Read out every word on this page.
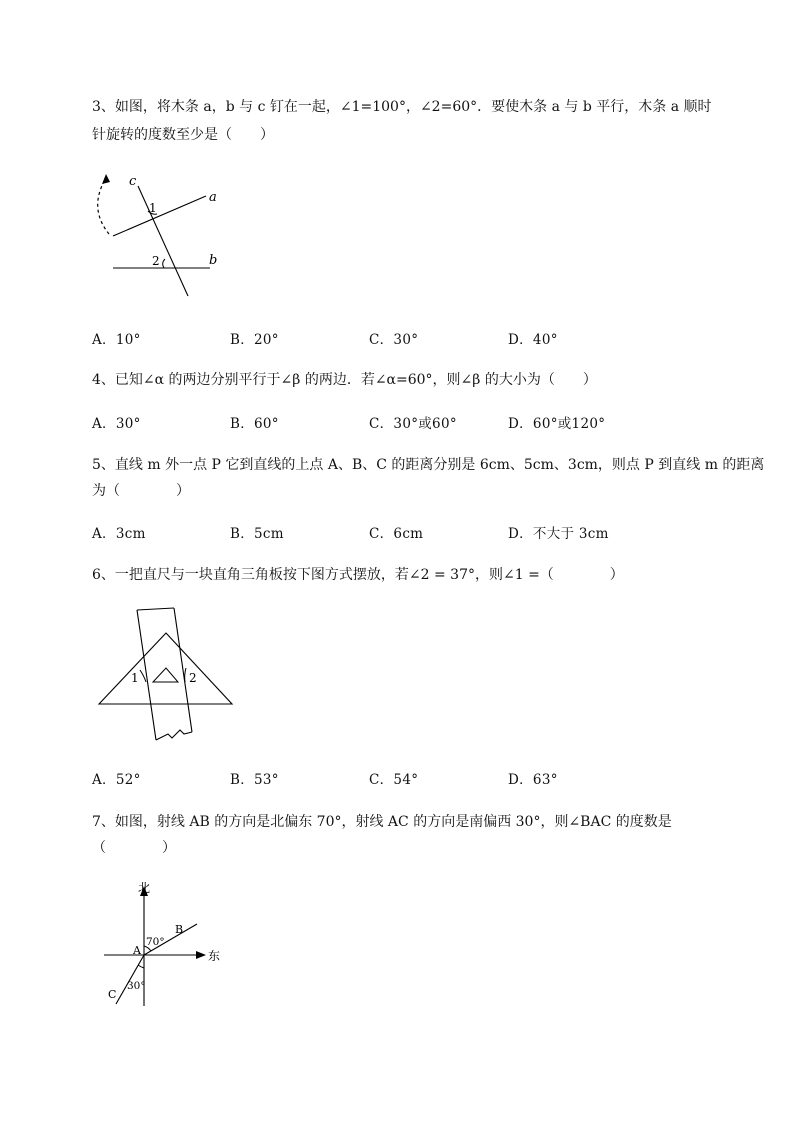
3、如图，将木条 a，b 与 c 钉在一起，∠1=100°，∠2=60°．要使木条 a 与 b 平行，木条 a 顺时
针旋转的度数至少是（　　）
c
a
b
1
2
A．10°	B．20°	C．30°	D．40°
4、已知∠α 的两边分别平行于∠β 的两边．若∠α=60°，则∠β 的大小为（　　）
A．30°	B．60°	C．30°或60°	D．60°或120°
5、直线 m 外一点 P 它到直线的上点 A、B、C 的距离分别是 6cm、5cm、3cm，则点 P 到直线 m 的距离
为（　　　　）
A．3cm	B．5cm	C．6cm	D．不大于 3cm
6、一把直尺与一块直角三角板按下图方式摆放，若∠2 = 37°，则∠1 =（　　　　）
1	2
A．52°	B．53°	C．54°	D．63°
7、如图，射线 AB 的方向是北偏东 70°，射线 AC 的方向是南偏西 30°，则∠BAC 的度数是
（　　　　）
北
东
A
B
C
70°
30°
